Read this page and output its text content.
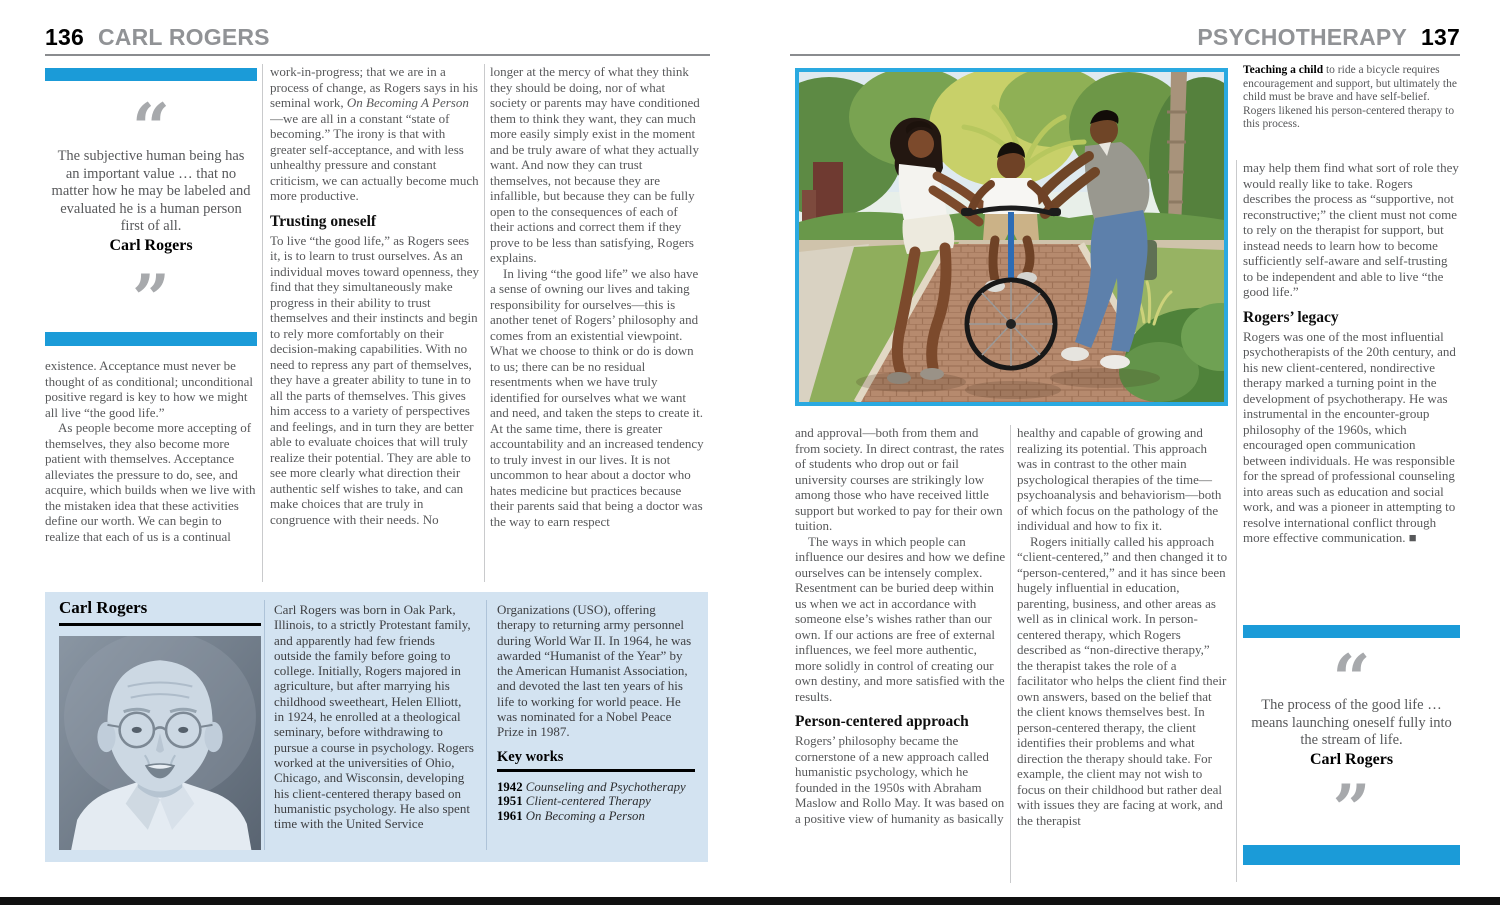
136 CARL ROGERS
“
The subjective human being has an important value … that no matter how he may be labeled and evaluated he is a human person first of all.
Carl Rogers
”

existence. Acceptance must never be thought of as conditional; unconditional positive regard is key to how we might all live “the good life.”

As people become more accepting of themselves, they also become more patient with themselves. Acceptance alleviates the pressure to do, see, and acquire, which builds when we live with the mistaken idea that these activities define our worth. We can begin to realize that each of us is a continual

work-in-progress; that we are in a process of change, as Rogers says in his seminal work, On Becoming A Person—we are all in a constant “state of becoming.” The irony is that with greater self-acceptance, and with less unhealthy pressure and constant criticism, we can actually become much more productive.

Trusting oneself

To live “the good life,” as Rogers sees it, is to learn to trust ourselves. As an individual moves toward openness, they find that they simultaneously make progress in their ability to trust themselves and their instincts and begin to rely more comfortably on their decision-making capabilities. With no need to repress any part of themselves, they have a greater ability to tune in to all the parts of themselves. This gives him access to a variety of perspectives and feelings, and in turn they are better able to evaluate choices that will truly realize their potential. They are able to see more clearly what direction their authentic self wishes to take, and can make choices that are truly in congruence with their needs. No

longer at the mercy of what they think they should be doing, nor of what society or parents may have conditioned them to think they want, they can much more easily simply exist in the moment and be truly aware of what they actually want. And now they can trust themselves, not because they are infallible, but because they can be fully open to the consequences of each of their actions and correct them if they prove to be less than satisfying, Rogers explains.

In living “the good life” we also have a sense of owning our lives and taking responsibility for ourselves—this is another tenet of Rogers’ philosophy and comes from an existential viewpoint. What we choose to think or do is down to us; there can be no residual resentments when we have truly identified for ourselves what we want and need, and taken the steps to create it. At the same time, there is greater accountability and an increased tendency to truly invest in our lives. It is not uncommon to hear about a doctor who hates medicine but practices because their parents said that being a doctor was the way to earn respect

Carl Rogers	Carl Rogers was born in Oak Park, Illinois, to a strictly Protestant family, and apparently had few friends outside the family before going to college. Initially, Rogers majored in agriculture, but after marrying his childhood sweetheart, Helen Elliott, in 1924, he enrolled at a theological seminary, before withdrawing to pursue a course in psychology. Rogers worked at the universities of Ohio, Chicago, and Wisconsin, developing his client-centered therapy based on humanistic psychology. He also spent time with the United Service

Organizations (USO), offering therapy to returning army personnel during World War II. In 1964, he was awarded “Humanist of the Year” by the American Humanist Association, and devoted the last ten years of his life to working for world peace. He was nominated for a Nobel Peace Prize in 1987.

Key works
1942 Counseling and Psychotherapy
1951 Client-centered Therapy
1961 On Becoming a Person
PSYCHOTHERAPY 137
Teaching a child to ride a bicycle requires encouragement and support, but ultimately the child must be brave and have self-belief. Rogers likened his person-centered therapy to this process.

and approval—both from them and from society. In direct contrast, the rates of students who drop out or fail university courses are strikingly low among those who have received little support but worked to pay for their own tuition.

The ways in which people can influence our desires and how we define ourselves can be intensely complex. Resentment can be buried deep within us when we act in accordance with someone else’s wishes rather than our own. If our actions are free of external influences, we feel more authentic, more solidly in control of creating our own destiny, and more satisfied with the results.

Person-centered approach

Rogers’ philosophy became the cornerstone of a new approach called humanistic psychology, which he founded in the 1950s with Abraham Maslow and Rollo May. It was based on a positive view of humanity as basically

healthy and capable of growing and realizing its potential. This approach was in contrast to the other main psychological therapies of the time—psychoanalysis and behaviorism—both of which focus on the pathology of the individual and how to fix it.

Rogers initially called his approach “client-centered,” and then changed it to “person-centered,” and it has since been hugely influential in education, parenting, business, and other areas as well as in clinical work. In person-centered therapy, which Rogers described as “non-directive therapy,” the therapist takes the role of a facilitator who helps the client find their own answers, based on the belief that the client knows themselves best. In person-centered therapy, the client identifies their problems and what direction the therapy should take. For example, the client may not wish to focus on their childhood but rather deal with issues they are facing at work, and the therapist

may help them find what sort of role they would really like to take. Rogers describes the process as “supportive, not reconstructive;” the client must not come to rely on the therapist for support, but instead needs to learn how to become sufficiently self-aware and self-trusting to be independent and able to live “the good life.”

Rogers’ legacy

Rogers was one of the most influential psychotherapists of the 20th century, and his new client-centered, nondirective therapy marked a turning point in the development of psychotherapy. He was instrumental in the encounter-group philosophy of the 1960s, which encouraged open communication between individuals. He was responsible for the spread of professional counseling into areas such as education and social work, and was a pioneer in attempting to resolve international conflict through more effective communication. ■

“
The process of the good life … means launching oneself fully into the stream of life.
Carl Rogers
”
